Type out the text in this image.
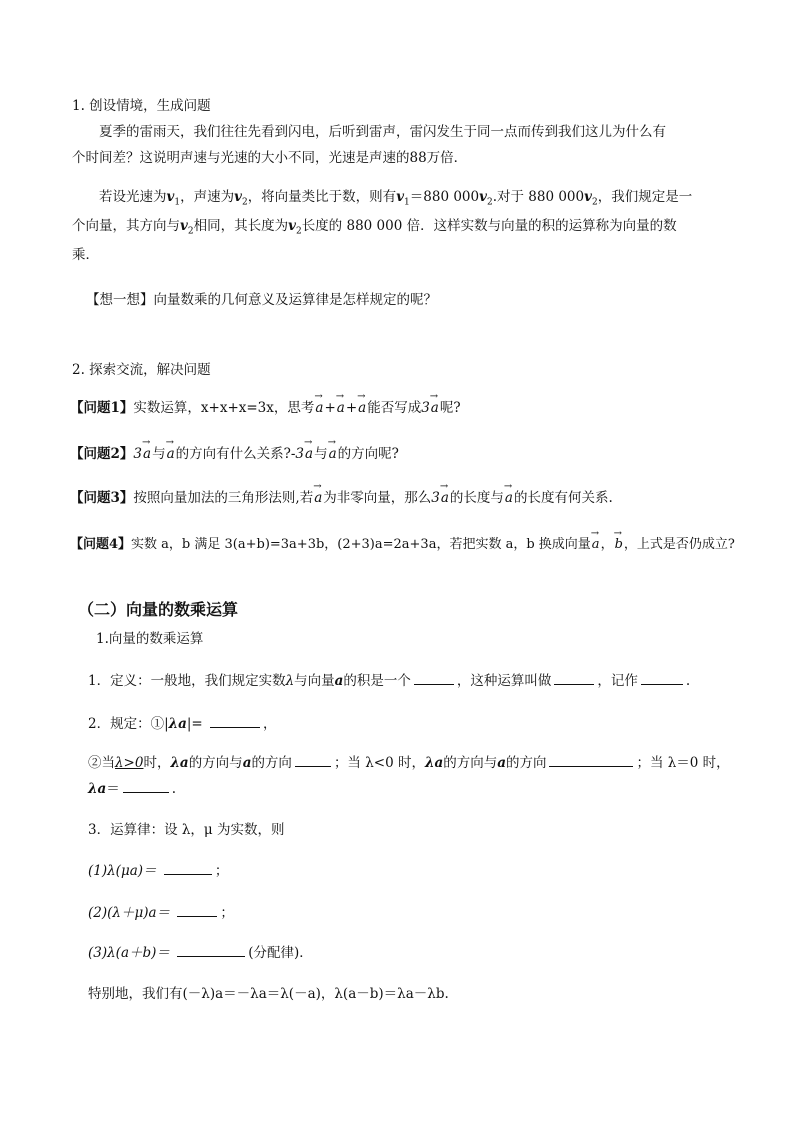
1. 创设情境，生成问题
夏季的雷雨天，我们往往先看到闪电，后听到雷声，雷闪发生于同一点而传到我们这儿为什么有
个时间差？这说明声速与光速的大小不同，光速是声速的88万倍．
若设光速为$v_1$，声速为$v_2$，将向量类比于数，则有$v_1=880$ $000v_2$.对于 880 $000v_2$，我们规定是一
个向量，其方向与$v_2$相同，其长度为$v_2$长度的 880 000 倍．这样实数与向量的积的运算称为向量的数
乘．
【想一想】向量数乘的几何意义及运算律是怎样规定的呢？
2. 探索交流，解决问题
【问题1】实数运算，x+x+x=3x，思考→ a+→ a+→ a能否写成3→ a呢?
【问题2】3→ a与→ a的方向有什么关系?-3→ a与→ a的方向呢?
【问题3】按照向量加法的三角形法则,若→ a为非零向量，那么3→ a的长度与→ a的长度有何关系.
【问题4】实数 a，b 满足 3(a+b)=3a+3b，(2+3)a=2a+3a，若把实数 a，b 换成向量→ a，→ b，上式是否仍成立?
（二）向量的数乘运算
1.向量的数乘运算
1．定义：一般地，我们规定实数λ与向量a的积是一个	，这种运算叫做	，记作	.
2．规定：①|λa|=	，
②当λ>0时，λa的方向与a的方向	；当 λ<0 时，λa的方向与a的方向	；当 λ＝0 时，
λa＝	.
3．运算律：设 λ，μ 为实数，则
(1)λ(μa)＝	；
(2)(λ＋μ)a＝	；
(3)λ(a＋b)＝	(分配律)．
特别地，我们有(－λ)a＝－λa＝λ(－a)，λ(a－b)＝λa－λb.
